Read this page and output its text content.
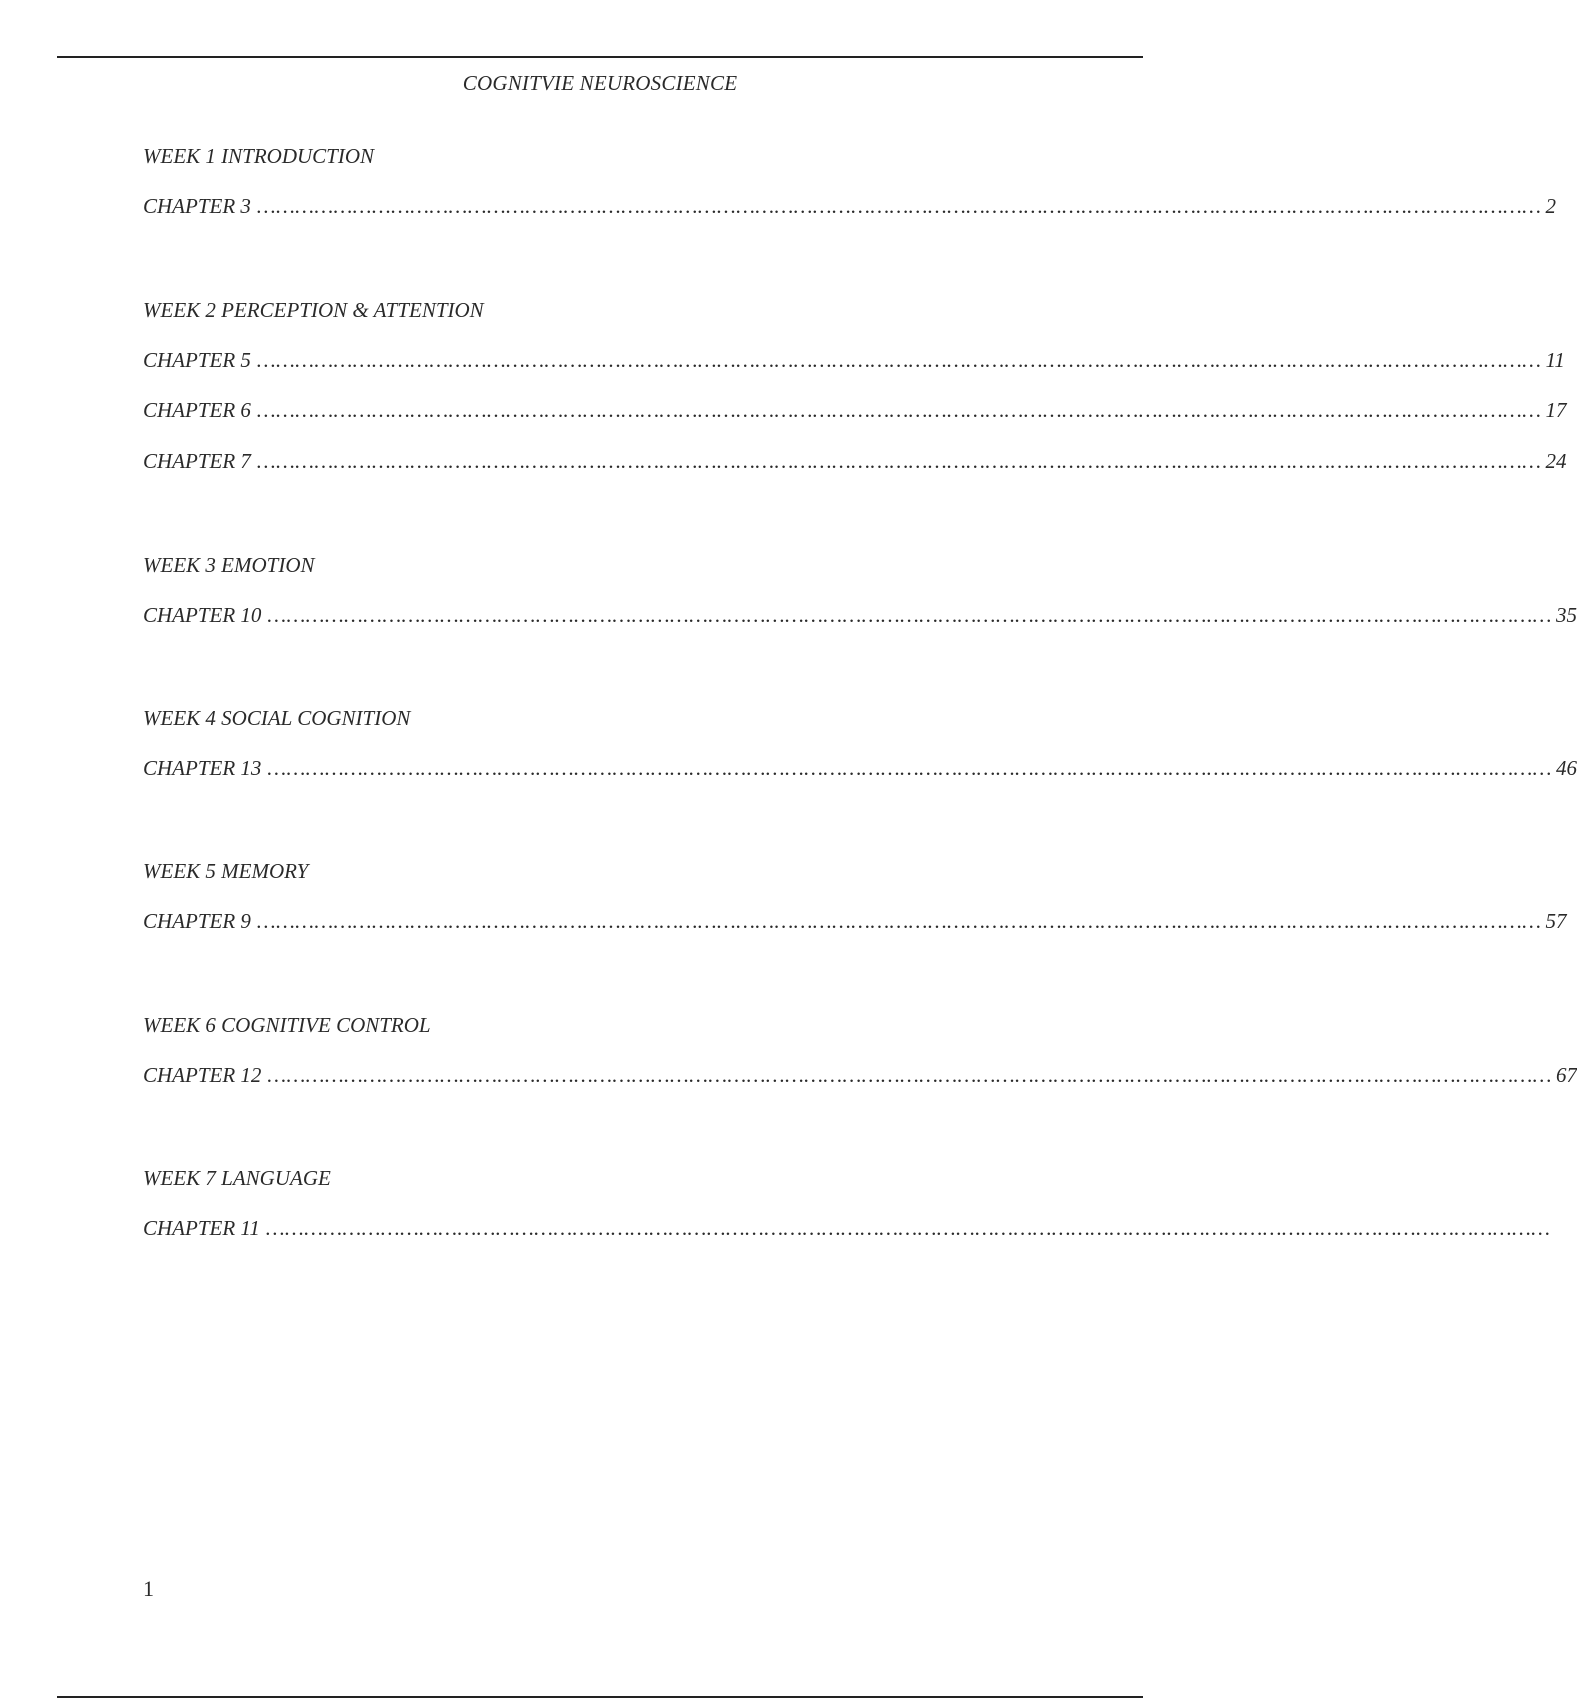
COGNITVIE NEUROSCIENCE
WEEK 1 INTRODUCTION
CHAPTER 3 ………………………………………………………………………………………………………………………………………………………………………………… 2
WEEK 2 PERCEPTION & ATTENTION
CHAPTER 5 ………………………………………………………………………………………………………………………………………………………………………………… 11
CHAPTER 6 ………………………………………………………………………………………………………………………………………………………………………………… 17
CHAPTER 7 ………………………………………………………………………………………………………………………………………………………………………………… 24
WEEK 3 EMOTION
CHAPTER 10 ………………………………………………………………………………………………………………………………………………………………………………… 35
WEEK 4 SOCIAL COGNITION
CHAPTER 13 ………………………………………………………………………………………………………………………………………………………………………………… 46
WEEK 5 MEMORY
CHAPTER 9 ………………………………………………………………………………………………………………………………………………………………………………… 57
WEEK 6 COGNITIVE CONTROL
CHAPTER 12 ………………………………………………………………………………………………………………………………………………………………………………… 67
WEEK 7 LANGUAGE
CHAPTER 11 …………………………………………………………………………………………………………………………………………………………………………………
1
